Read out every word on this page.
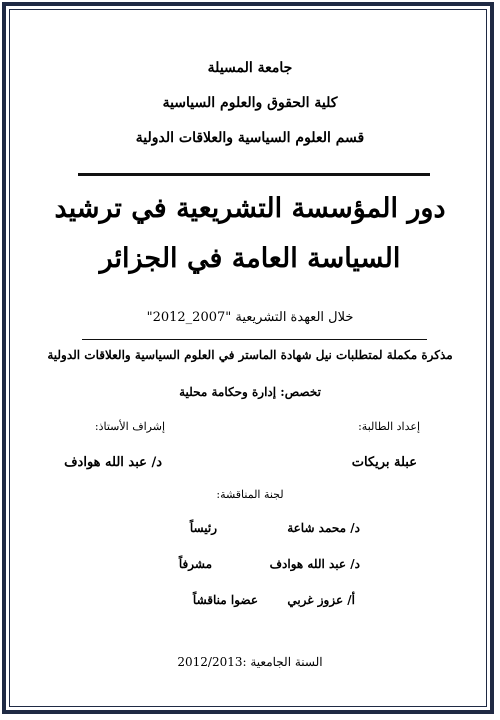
جامعة المسيلة
كلية الحقوق والعلوم السياسية
قسم العلوم السياسية والعلاقات الدولية
دور المؤسسة التشريعية في ترشيد
السياسة العامة في الجزائر
خلال العهدة التشريعية "2007_2012"
مذكرة مكملة لمتطلبات نيل شهادة الماستر في العلوم السياسية والعلاقات الدولية
تخصص: إدارة وحكامة محلية
إعداد الطالبة:
إشراف الأستاذ:
عبلة بريكات
د/ عبد الله هوادف
لجنة المناقشة:
د/ محمد شاعة
رئيساً
د/ عبد الله هوادف
مشرفاً
أ/ عزوز غربي
عضوا مناقشاً
السنة الجامعية :2012/2013
